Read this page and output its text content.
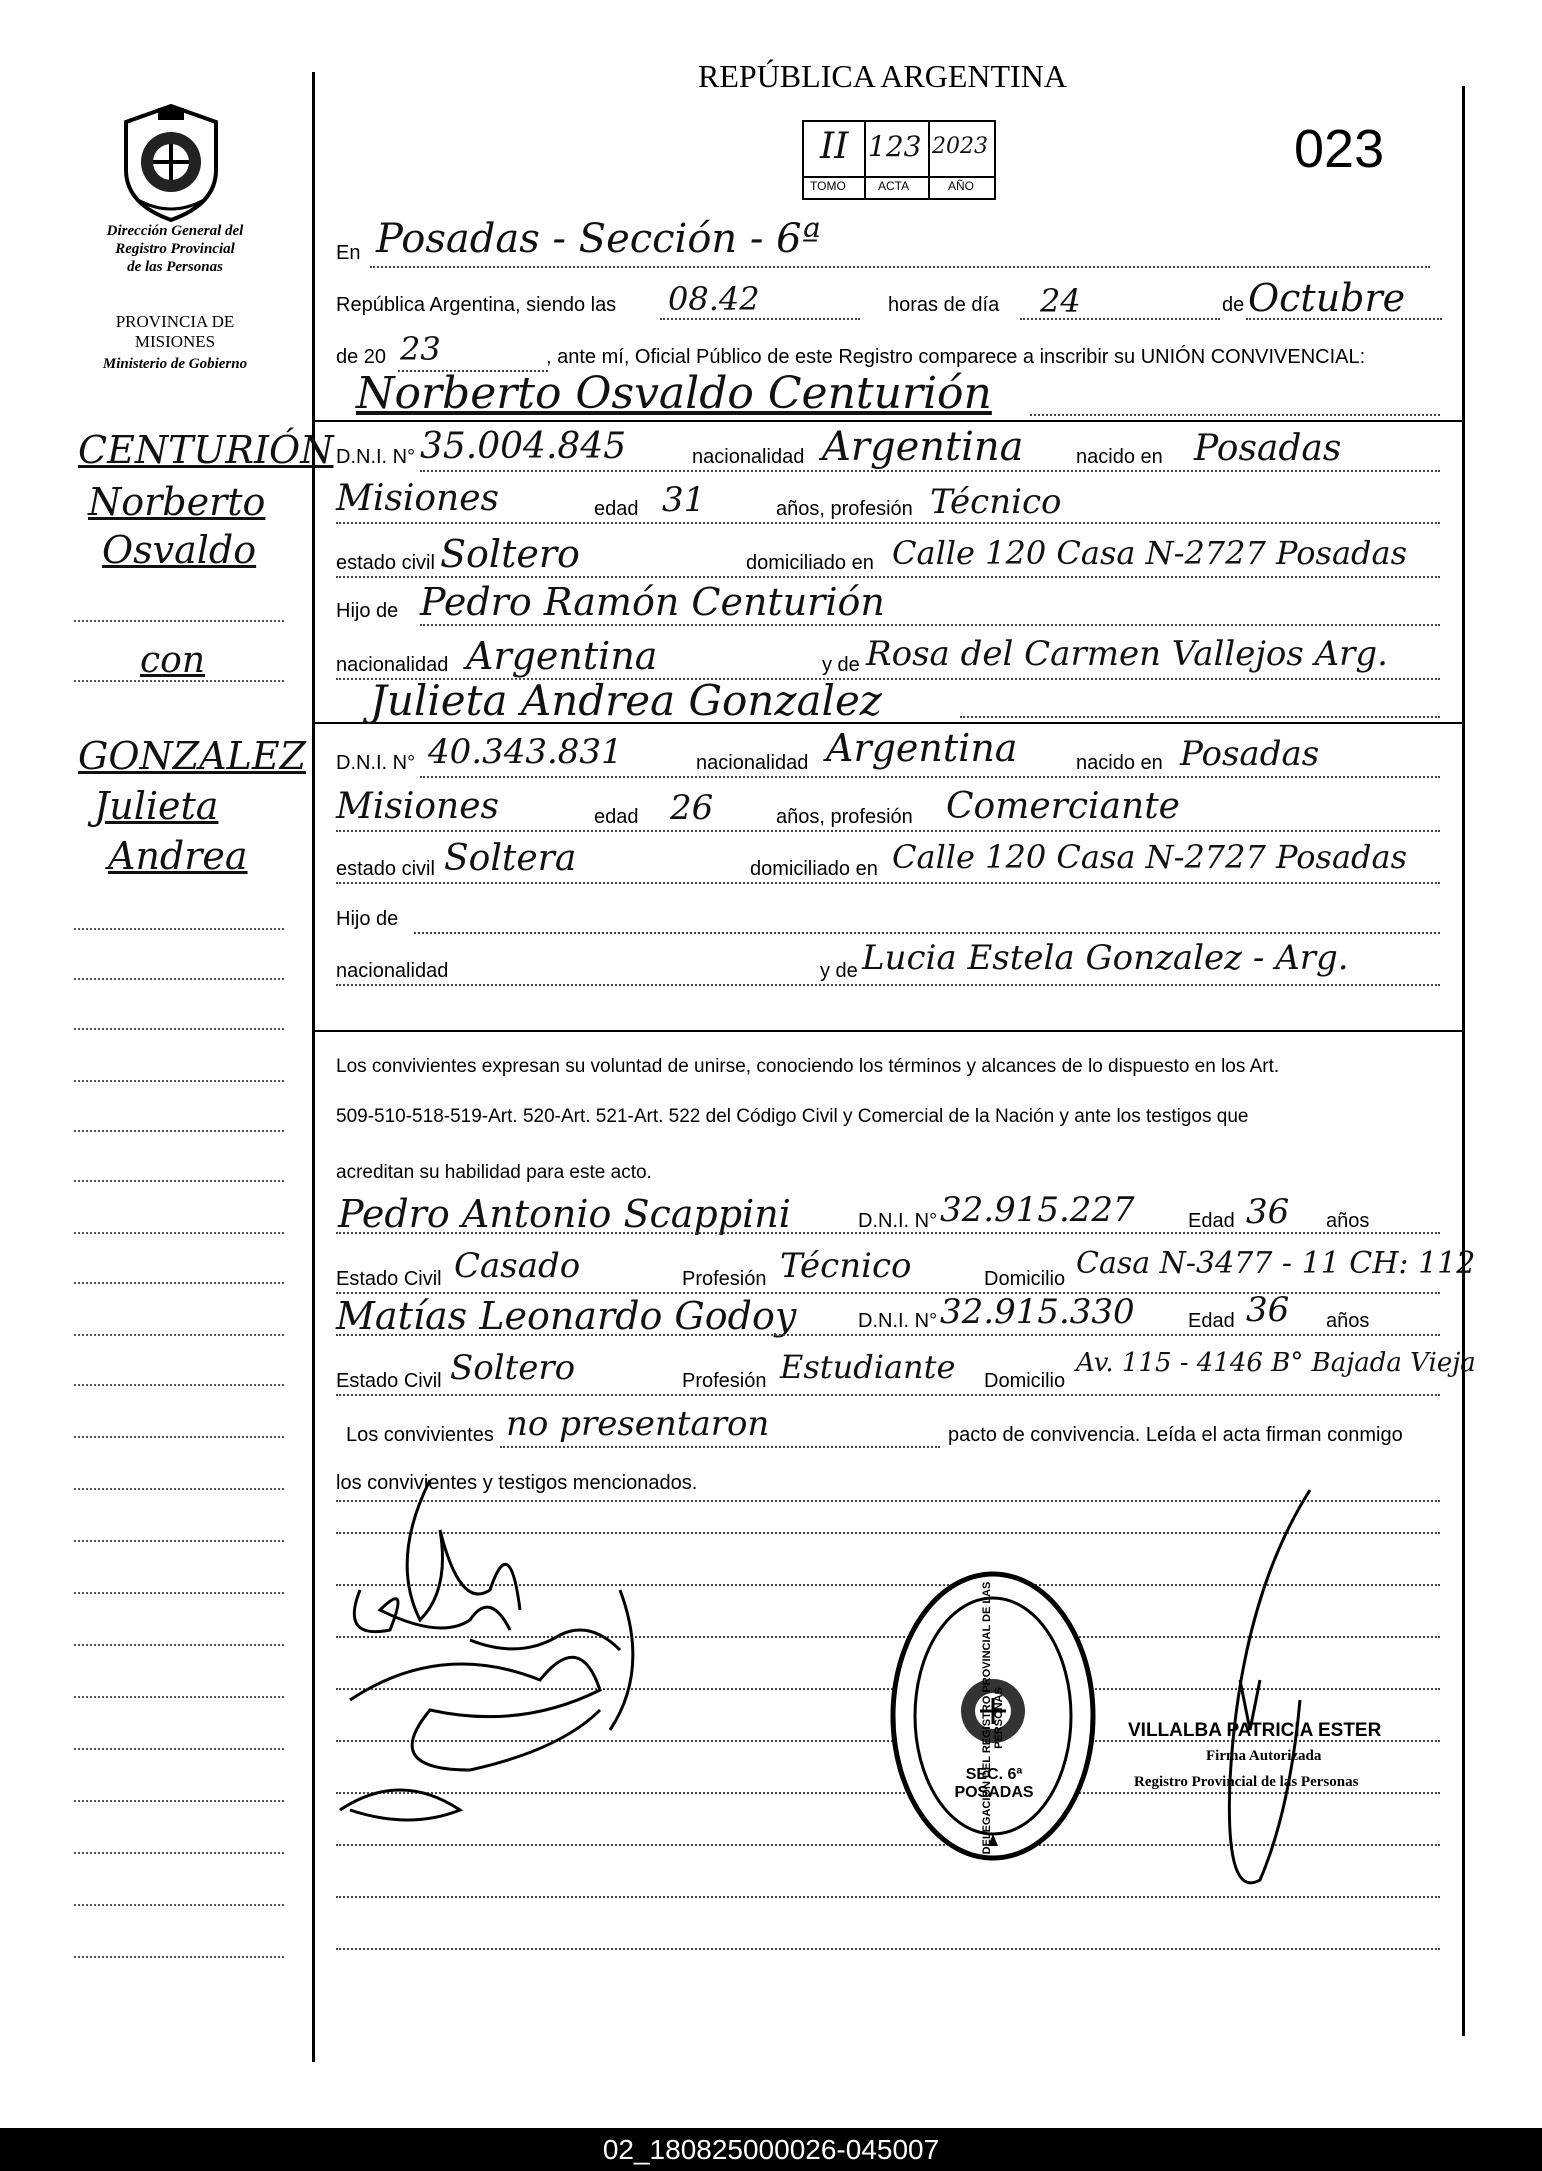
REPÚBLICA ARGENTINA
023
II 123 2023
TOMO	ACTA	AÑO
Dirección General del
Registro Provincial
de las Personas
PROVINCIA DE
MISIONES
Ministerio de Gobierno
CENTURIÓN
Norberto
Osvaldo
con
GONZALEZ
Julieta
Andrea
En Posadas - Sección - 6ª
República Argentina, siendo las 08.42	horas de día 24	de Octubre
de 20 23	, ante mí, Oficial Público de este Registro comparece a inscribir su UNIÓN CONVIVENCIAL:
Norberto Osvaldo Centurión
D.N.I. N° 35.004.845	nacionalidad Argentina	nacido en Posadas
Misiones	edad 31	años, profesión Técnico
estado civil Soltero	domiciliado en Calle 120 Casa N-2727 Posadas
Hijo de Pedro Ramón Centurión
nacionalidad Argentina	y de Rosa del Carmen Vallejos Arg.
Julieta Andrea Gonzalez
D.N.I. N° 40.343.831	nacionalidad Argentina	nacido en Posadas
Misiones	edad 26	años, profesión Comerciante
estado civil Soltera	domiciliado en Calle 120 Casa N-2727 Posadas
Hijo de
nacionalidad	y de Lucia Estela Gonzalez - Arg.
Los convivientes expresan su voluntad de unirse, conociendo los términos y alcances de lo dispuesto en los Art.
509-510-518-519-Art. 520-Art. 521-Art. 522 del Código Civil y Comercial de la Nación y ante los testigos que
acreditan su habilidad para este acto.
Pedro Antonio Scappini	D.N.I. N° 32.915.227	Edad 36 años
Estado Civil Casado	Profesión Técnico	Domicilio Casa N-3477 - 11 CH: 112
Matías Leonardo Godoy	D.N.I. N° 32.915.330	Edad 36 años
Estado Civil Soltero	Profesión Estudiante Domicilio
Av. 115 - 4146 B° Bajada Vieja
Los convivientes no presentaron	pacto de convivencia. Leída el acta firman conmigo
los convivientes y testigos mencionados.
DELEGACION DEL REGISTRO PROVINCIAL DE LAS PERSONAS
SEC. 6ª POSADAS
VILLALBA PATRICIA ESTER
Firma Autorizada
Registro Provincial de las Personas
02_180825000026-045007
